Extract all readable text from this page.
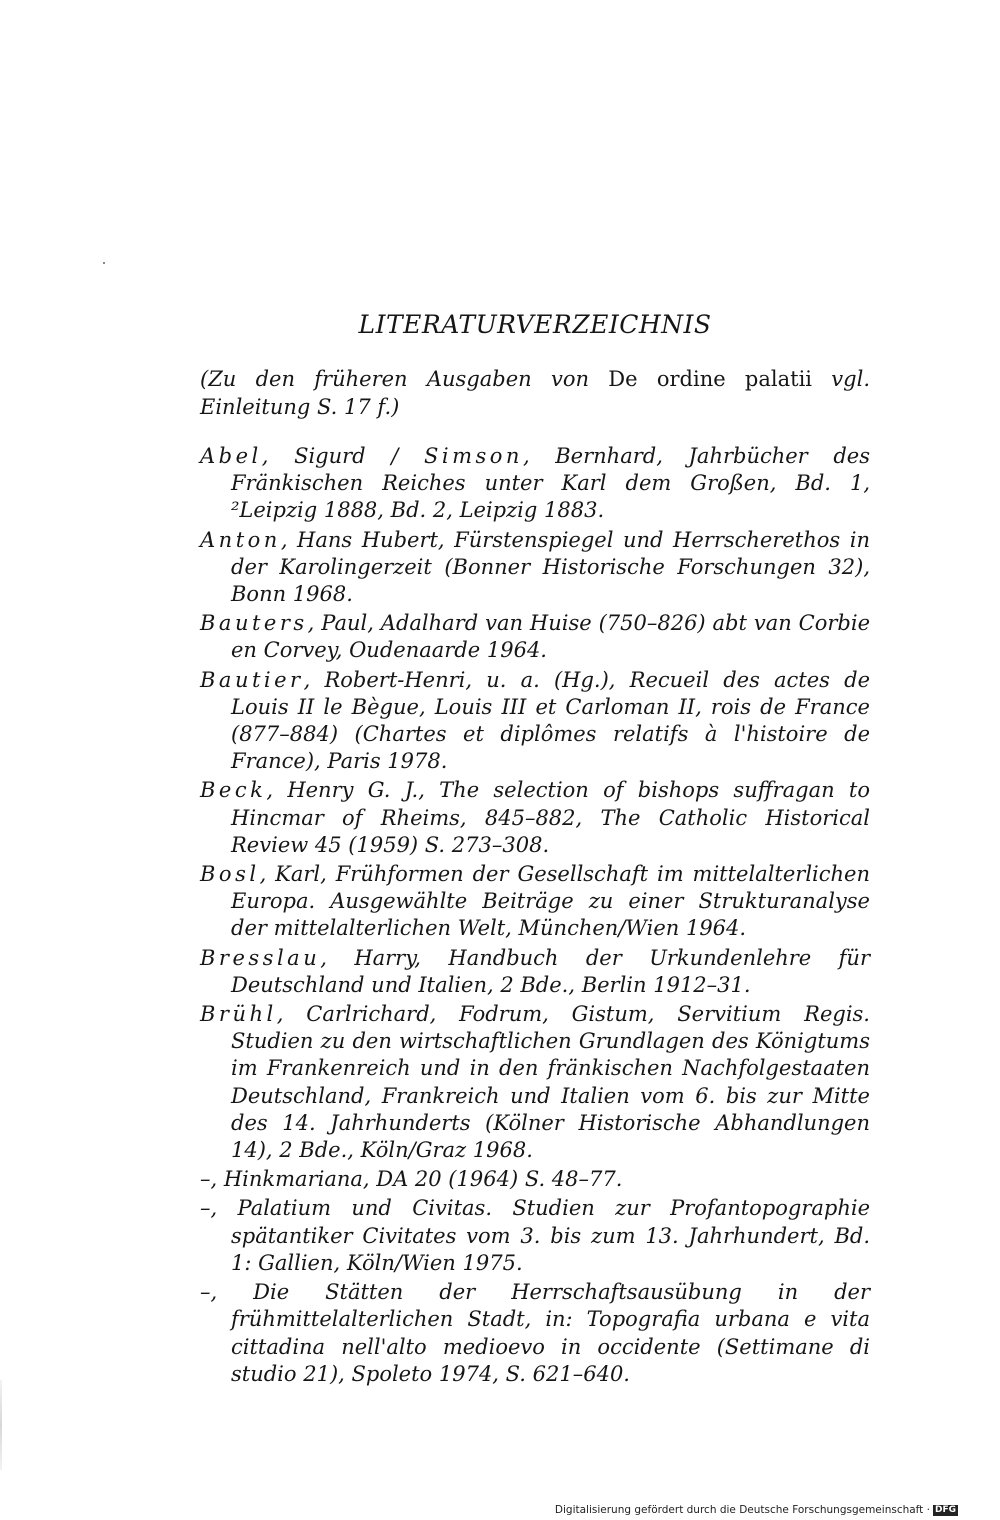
LITERATURVERZEICHNIS

(Zu den früheren Ausgaben von De ordine palatii vgl. Einleitung S. 17 f.)

Abel, Sigurd / Simson, Bernhard, Jahrbücher des Fränkischen Reiches unter Karl dem Großen, Bd. 1, ²Leipzig 1888, Bd. 2, Leipzig 1883.
Anton, Hans Hubert, Fürstenspiegel und Herrscherethos in der Karolingerzeit (Bonner Historische Forschungen 32), Bonn 1968.
Bauters, Paul, Adalhard van Huise (750–826) abt van Corbie en Corvey, Oudenaarde 1964.
Bautier, Robert-Henri, u. a. (Hg.), Recueil des actes de Louis II le Bègue, Louis III et Carloman II, rois de France (877–884) (Chartes et diplômes relatifs à l'histoire de France), Paris 1978.
Beck, Henry G. J., The selection of bishops suffragan to Hincmar of Rheims, 845–882, The Catholic Historical Review 45 (1959) S. 273–308.
Bosl, Karl, Frühformen der Gesellschaft im mittelalterlichen Europa. Ausgewählte Beiträge zu einer Strukturanalyse der mittelalterlichen Welt, München/Wien 1964.
Bresslau, Harry, Handbuch der Urkundenlehre für Deutschland und Italien, 2 Bde., Berlin 1912–31.
Brühl, Carlrichard, Fodrum, Gistum, Servitium Regis. Studien zu den wirtschaftlichen Grundlagen des Königtums im Frankenreich und in den fränkischen Nachfolgestaaten Deutschland, Frankreich und Italien vom 6. bis zur Mitte des 14. Jahrhunderts (Kölner Historische Abhandlungen 14), 2 Bde., Köln/Graz 1968.
–, Hinkmariana, DA 20 (1964) S. 48–77.
–, Palatium und Civitas. Studien zur Profantopographie spätantiker Civitates vom 3. bis zum 13. Jahrhundert, Bd. 1: Gallien, Köln/Wien 1975.
–, Die Stätten der Herrschaftsausübung in der frühmittelalterlichen Stadt, in: Topografia urbana e vita cittadina nell'alto medioevo in occidente (Settimane di studio 21), Spoleto 1974, S. 621–640.
Digitalisierung gefördert durch die Deutsche Forschungsgemeinschaft · DFG
